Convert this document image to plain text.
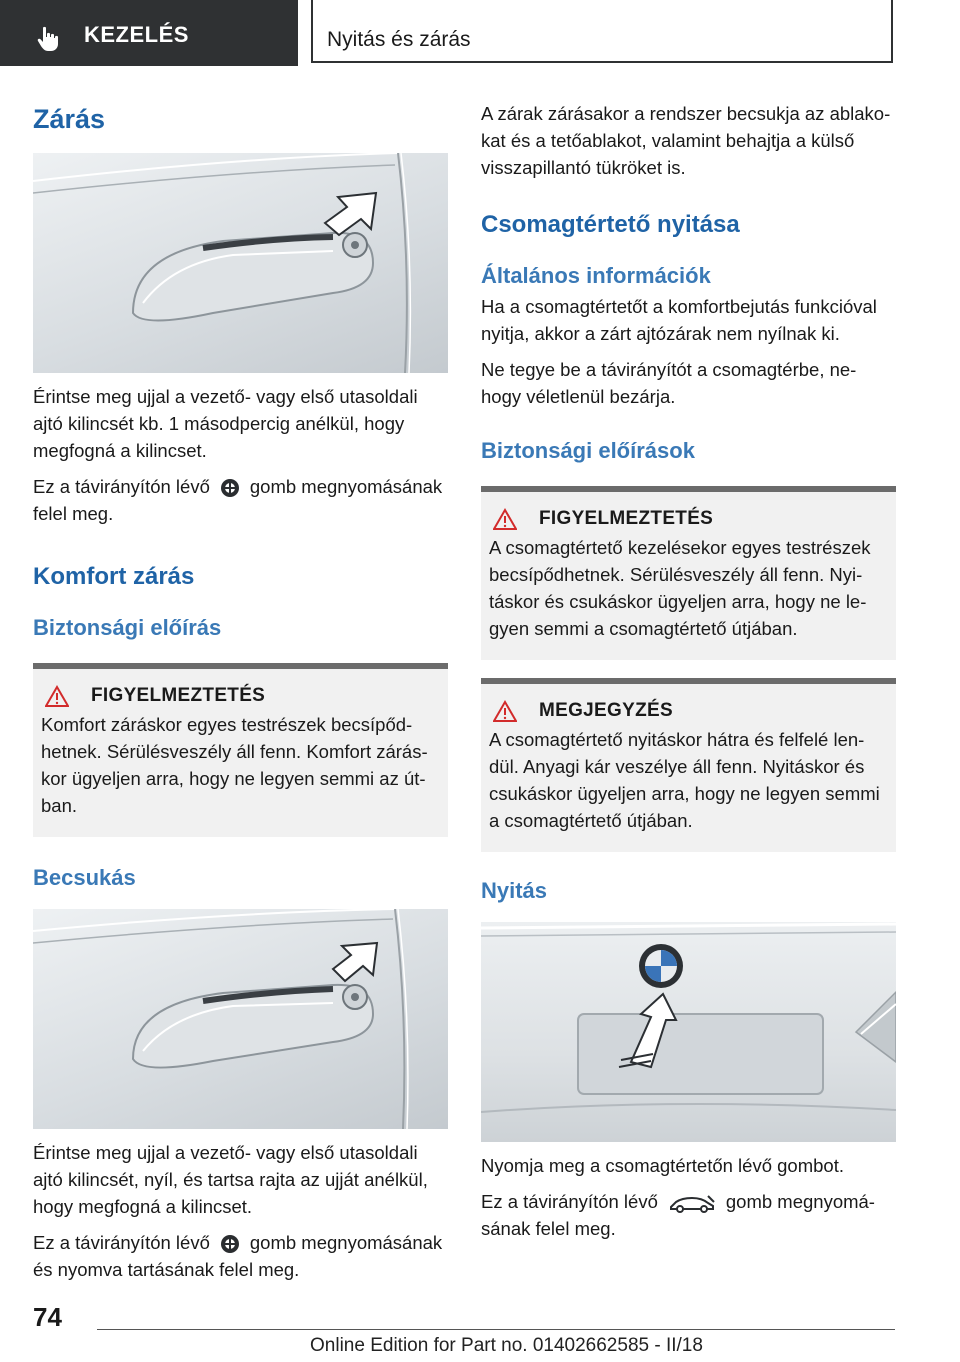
KEZELÉS	Nyitás és zárás
Zárás

Érintse meg ujjal a vezető- vagy első utasoldali ajtó kilincsét kb. 1 másodpercig anélkül, hogy megfogná a kilincset.

Ez a távirányítón lévő gomb megnyomásának felel meg.

Komfort zárás
Biztonsági előírás
FIGYELMEZTETÉS

Komfort záráskor egyes testrészek becsípőd-hetnek. Sérülésveszély áll fenn. Komfort zárás-kor ügyeljen arra, hogy ne legyen semmi az út-ban.

Becsukás

Érintse meg ujjal a vezető- vagy első utasoldali ajtó kilincsét, nyíl, és tartsa rajta az ujját anélkül, hogy megfogná a kilincset.

Ez a távirányítón lévő gomb megnyomásának és nyomva tartásának felel meg.

A zárak zárásakor a rendszer becsukja az ablako-kat és a tetőablakot, valamint behajtja a külső visszapillantó tükröket is.

Csomagtértető nyitása
Általános információk

Ha a csomagtértetőt a komfortbejutás funkcióval nyitja, akkor a zárt ajtózárak nem nyílnak ki.

Ne tegye be a távirányítót a csomagtérbe, ne-hogy véletlenül bezárja.

Biztonsági előírások
FIGYELMEZTETÉS

A csomagtértető kezelésekor egyes testrészek becsípődhetnek. Sérülésveszély áll fenn. Nyi-táskor és csukáskor ügyeljen arra, hogy ne le-gyen semmi a csomagtértető útjában.

MEGJEGYZÉS

A csomagtértető nyitáskor hátra és felfelé len-dül. Anyagi kár veszélye áll fenn. Nyitáskor és csukáskor ügyeljen arra, hogy ne legyen semmi a csomagtértető útjában.

Nyitás

Nyomja meg a csomagtértetőn lévő gombot.

Ez a távirányítón lévő	gomb megnyomá-sának felel meg.

74
Online Edition for Part no. 01402662585 - II/18
